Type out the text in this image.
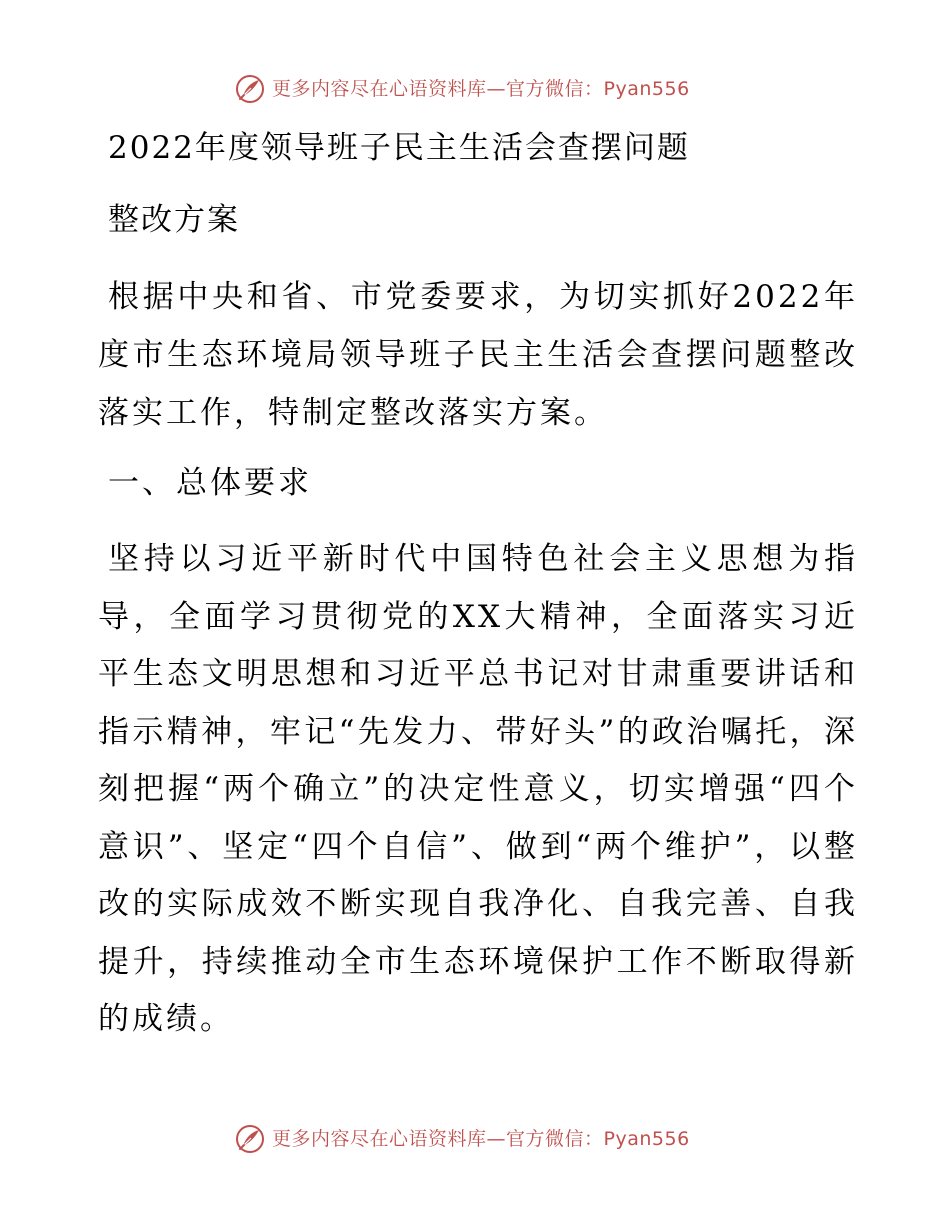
更多内容尽在心语资料库—官方微信：Pyan556
2022年度领导班子民主生活会查摆问题
整改方案

根据中央和省、市党委要求，为切实抓好2022年度市生态环境局领导班子民主生活会查摆问题整改落实工作，特制定整改落实方案。

一、总体要求

坚持以习近平新时代中国特色社会主义思想为指导，全面学习贯彻党的XX大精神，全面落实习近平生态文明思想和习近平总书记对甘肃重要讲话和指示精神，牢记“先发力、带好头”的政治嘱托，深刻把握“两个确立”的决定性意义，切实增强“四个意识”、坚定“四个自信”、做到“两个维护”，以整改的实际成效不断实现自我净化、自我完善、自我提升，持续推动全市生态环境保护工作不断取得新的成绩。

更多内容尽在心语资料库—官方微信：Pyan556
